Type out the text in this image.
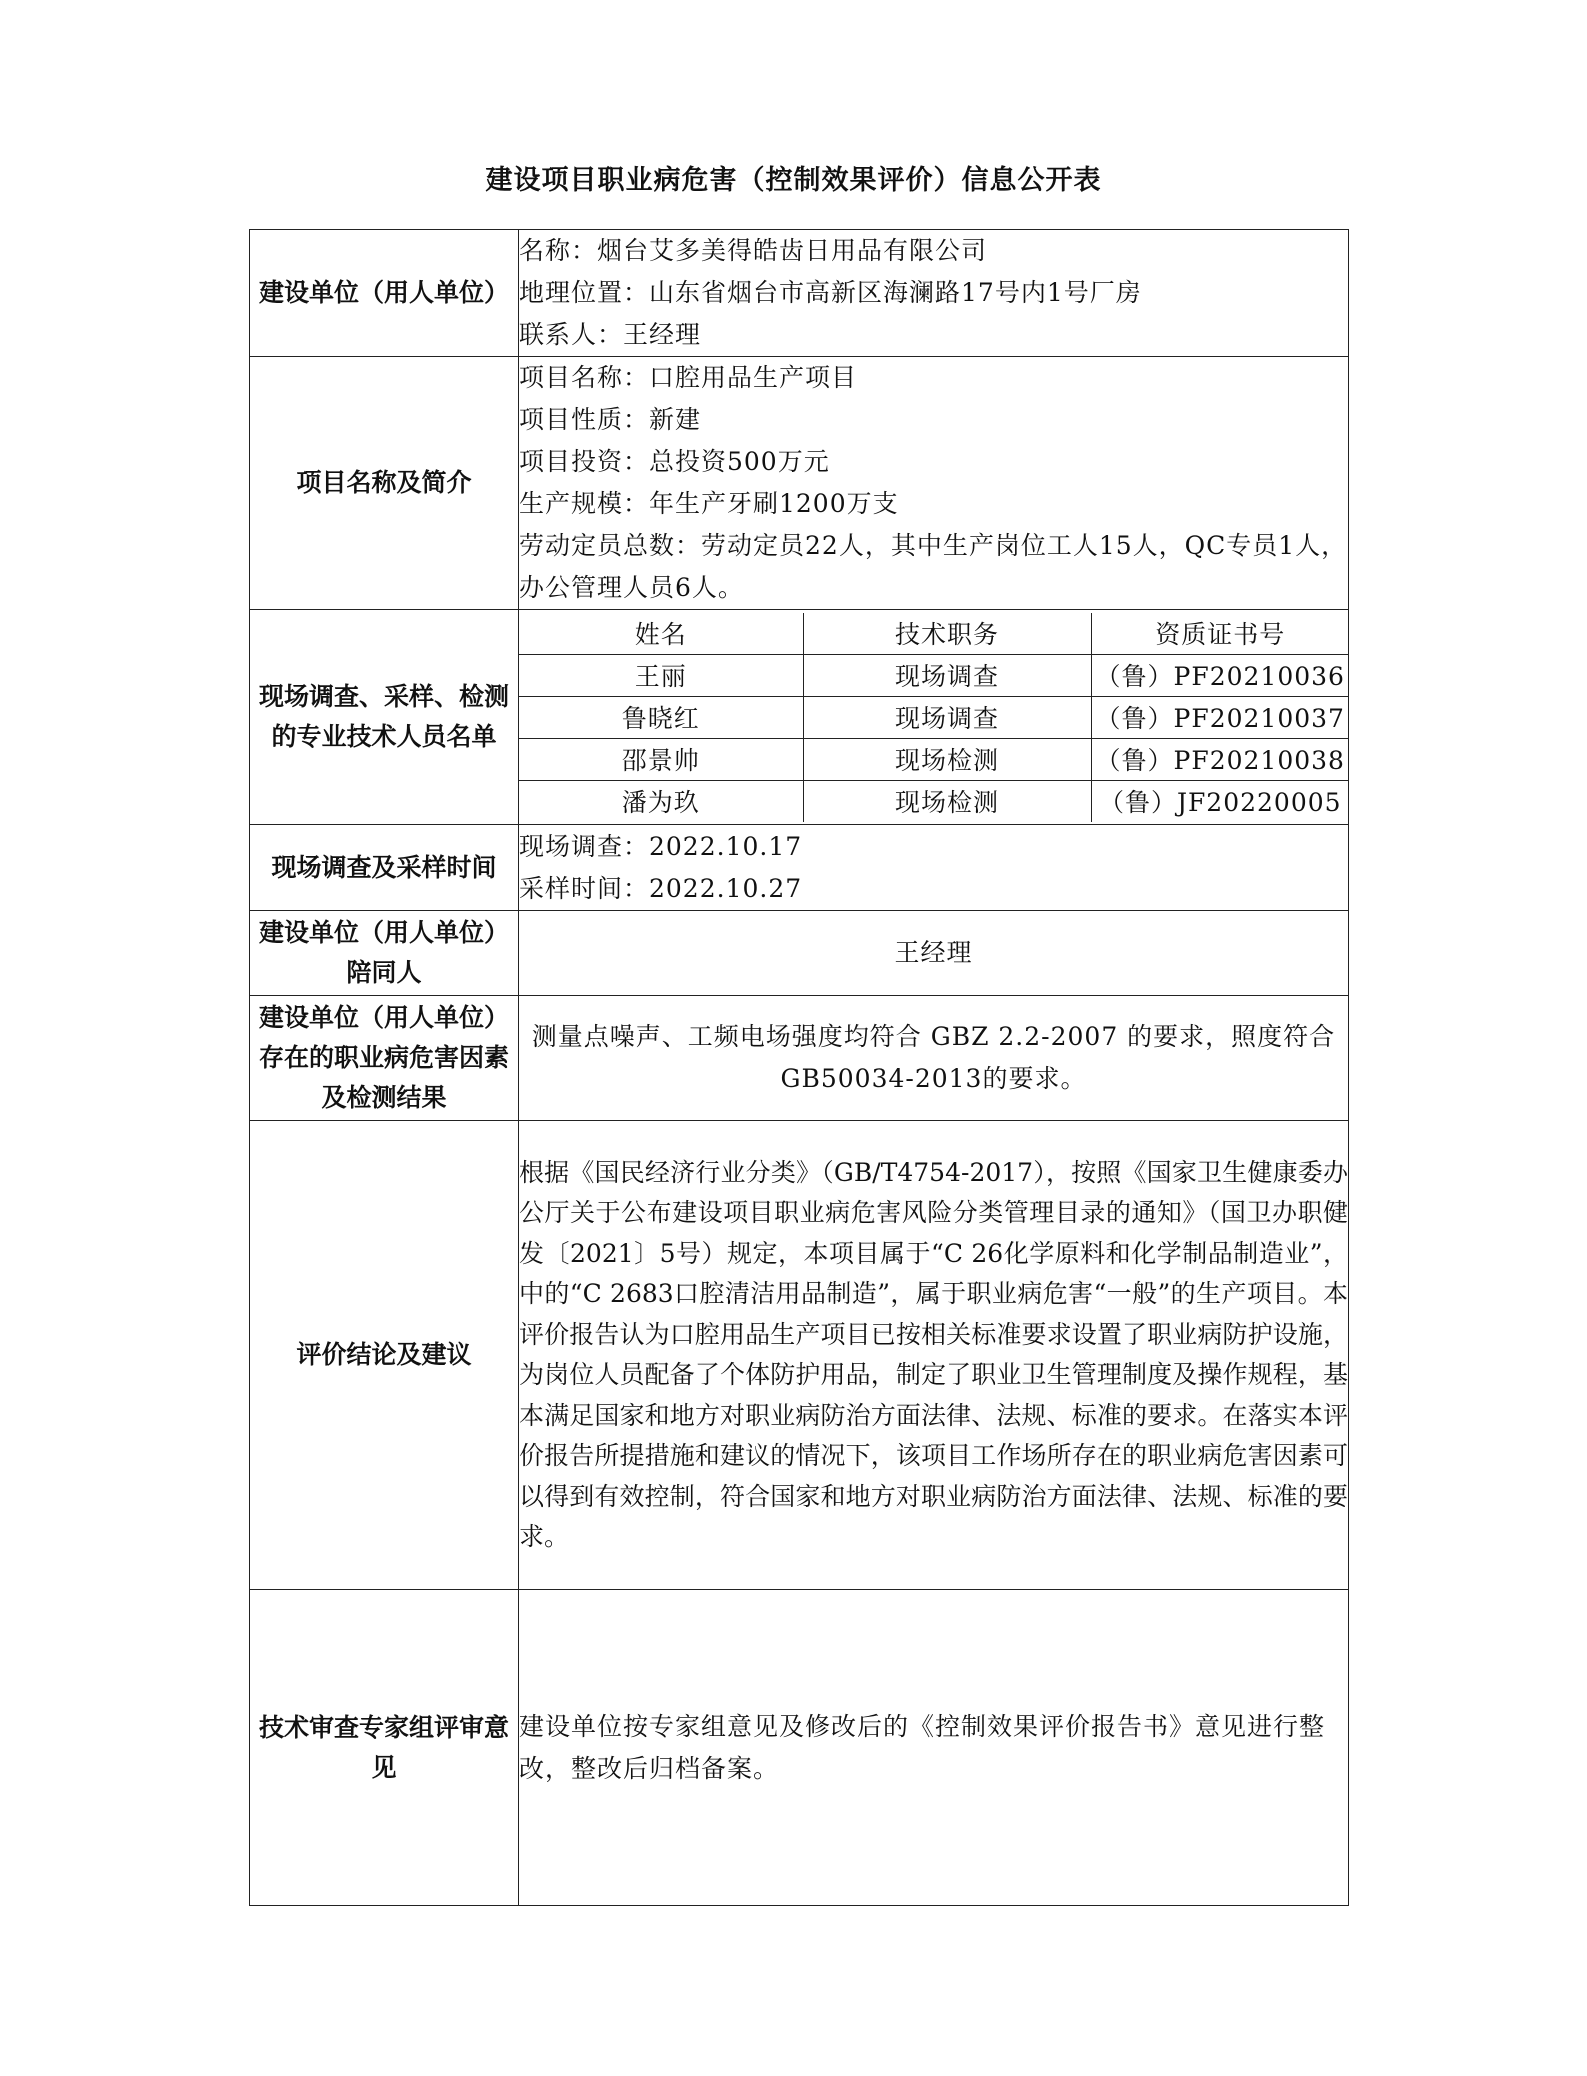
建设项目职业病危害（控制效果评价）信息公开表
建设单位（用人单位）	
名称：烟台艾多美得皓齿日用品有限公司
地理位置：山东省烟台市高新区海澜路17号内1号厂房
联系人：王经理

项目名称及简介	
项目名称：口腔用品生产项目
项目性质：新建
项目投资：总投资500万元
生产规模：年生产牙刷1200万支
劳动定员总数：劳动定员22人，其中生产岗位工人15人，QC专员1人，办公管理人员6人。

现场调查、采样、检测的专业技术人员名单	
姓名	技术职务	资质证书号
王丽	现场调查	（鲁）PF20210036
鲁晓红	现场调查	（鲁）PF20210037
邵景帅	现场检测	（鲁）PF20210038
潘为玖	现场检测	（鲁）JF20220005

现场调查及采样时间	
现场调查：2022.10.17
采样时间：2022.10.27

建设单位（用人单位）陪同人	王经理
建设单位（用人单位）存在的职业病危害因素及检测结果	测量点噪声、工频电场强度均符合 GBZ 2.2-2007 的要求，照度符合GB50034-2013的要求。
评价结论及建议	根据《国民经济行业分类》（GB/T4754-2017），按照《国家卫生健康委办公厅关于公布建设项目职业病危害风险分类管理目录的通知》（国卫办职健发〔2021〕5号）规定，本项目属于“C 26化学原料和化学制品制造业”，中的“C 2683口腔清洁用品制造”，属于职业病危害“一般”的生产项目。本评价报告认为口腔用品生产项目已按相关标准要求设置了职业病防护设施，为岗位人员配备了个体防护用品，制定了职业卫生管理制度及操作规程，基本满足国家和地方对职业病防治方面法律、法规、标准的要求。在落实本评价报告所提措施和建议的情况下，该项目工作场所存在的职业病危害因素可以得到有效控制，符合国家和地方对职业病防治方面法律、法规、标准的要求。
技术审查专家组评审意见	建设单位按专家组意见及修改后的《控制效果评价报告书》意见进行整改，整改后归档备案。
